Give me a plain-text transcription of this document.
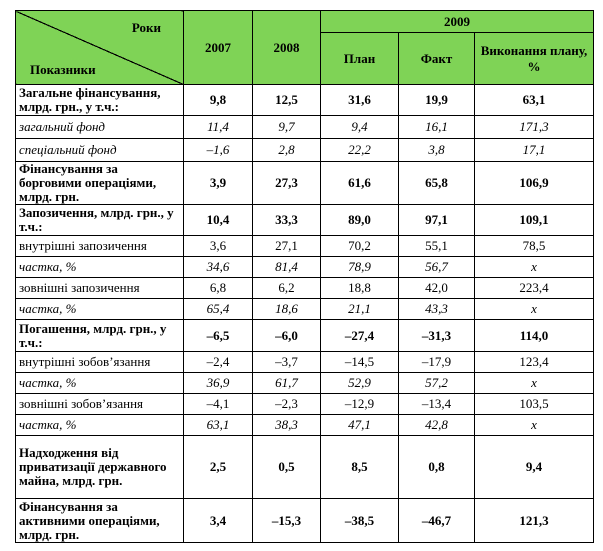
Роки
Показники	2007	2008	2009		
			План	Факт	Виконання плану, %
Загальне фінансування, млрд. грн., у т.ч.:	9,8	12,5	31,6	19,9	63,1
загальний фонд	11,4	9,7	9,4	16,1	171,3
спеціальний фонд	–1,6	2,8	22,2	3,8	17,1
Фінансування за борговими операціями, млрд. грн.	3,9	27,3	61,6	65,8	106,9
Запозичення, млрд. грн., у т.ч.:	10,4	33,3	89,0	97,1	109,1
внутрішні запозичення	3,6	27,1	70,2	55,1	78,5
частка, %	34,6	81,4	78,9	56,7	x
зовнішні запозичення	6,8	6,2	18,8	42,0	223,4
частка, %	65,4	18,6	21,1	43,3	x
Погашення, млрд. грн., у т.ч.:	–6,5	–6,0	–27,4	–31,3	114,0
внутрішні зобов’язання	–2,4	–3,7	–14,5	–17,9	123,4
частка, %	36,9	61,7	52,9	57,2	x
зовнішні зобов’язання	–4,1	–2,3	–12,9	–13,4	103,5
частка, %	63,1	38,3	47,1	42,8	x
Надходження від приватизації державного майна, млрд. грн.	2,5	0,5	8,5	0,8	9,4
Фінансування за активними операціями, млрд. грн.	3,4	–15,3	–38,5	–46,7	121,3
